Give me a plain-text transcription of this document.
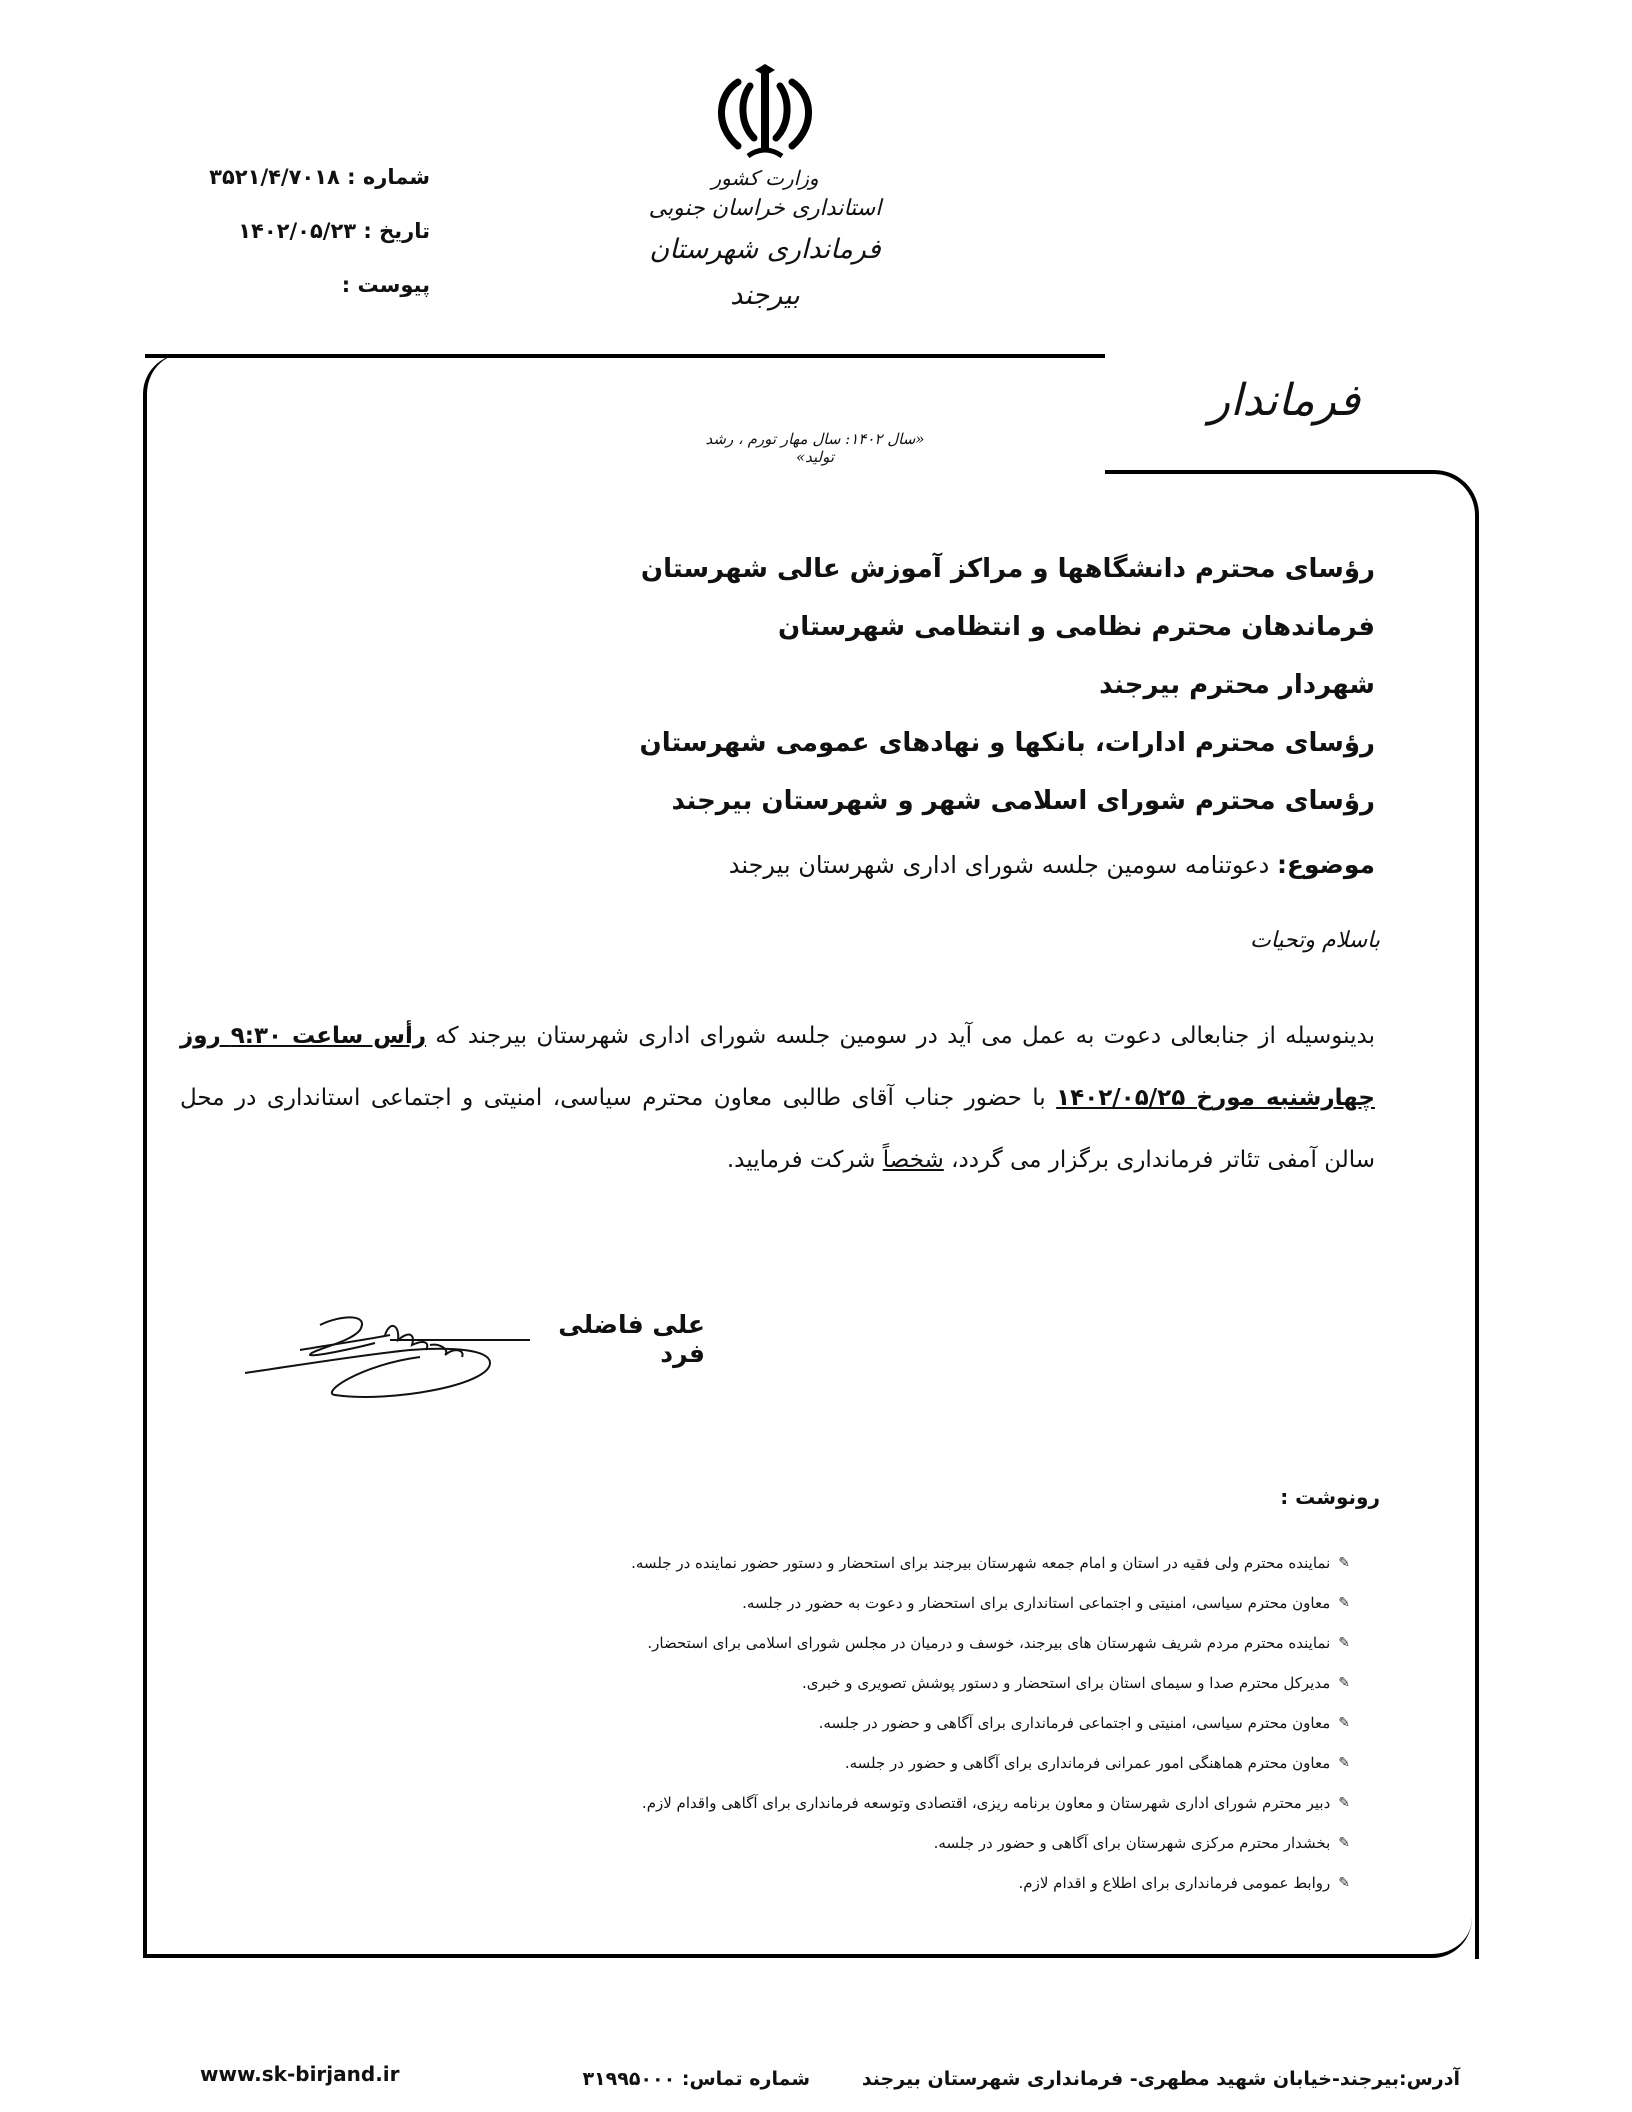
شماره : ۳۵۲۱/۴/۷۰۱۸
تاریخ : ۱۴۰۲/۰۵/۲۳
پیوست :
وزارت کشور
استانداری خراسان جنوبی
فرمانداری شهرستان بیرجند
فرماندار
«سال ۱۴۰۲: سال مهار تورم ، رشد تولید»
رؤسای محترم دانشگاهها و مراکز آموزش عالی شهرستان
فرماندهان محترم نظامی و انتظامی شهرستان
شهردار محترم بیرجند
رؤسای محترم ادارات، بانکها و نهادهای عمومی شهرستان
رؤسای محترم شورای اسلامی شهر و شهرستان بیرجند
موضوع: دعوتنامه سومین جلسه شورای اداری شهرستان بیرجند
باسلام وتحیات
بدینوسیله از جنابعالی دعوت به عمل می آید در سومین جلسه شورای اداری شهرستان بیرجند که رأس ساعت ۹:۳۰ روز چهارشنبه مورخ ۱۴۰۲/۰۵/۲۵ با حضور جناب آقای طالبی معاون محترم سیاسی، امنیتی و اجتماعی استانداری در محل سالن آمفی تئاتر فرمانداری برگزار می گردد، شخصاً شرکت فرمایید.
علی فاضلی فرد
رونوشت :
✎
نماینده محترم ولی فقیه در استان و امام جمعه شهرستان بیرجند برای استحضار و دستور حضور نماینده در جلسه.
✎
معاون محترم سیاسی، امنیتی و اجتماعی استانداری برای استحضار و دعوت به حضور در جلسه.
✎
نماینده محترم مردم شریف شهرستان های بیرجند، خوسف و درمیان در مجلس شورای اسلامی برای استحضار.
✎
مدیرکل محترم صدا و سیمای استان برای استحضار و دستور پوشش تصویری و خبری.
✎
معاون محترم سیاسی، امنیتی و اجتماعی فرمانداری برای آگاهی و حضور در جلسه.
✎
معاون محترم هماهنگی امور عمرانی فرمانداری برای آگاهی و حضور در جلسه.
✎
دبیر محترم شورای اداری شهرستان و معاون برنامه ریزی، اقتصادی وتوسعه فرمانداری برای آگاهی واقدام لازم.
✎
بخشدار محترم مرکزی شهرستان برای آگاهی و حضور در جلسه.
✎
روابط عمومی فرمانداری برای اطلاع و اقدام لازم.
آدرس:بیرجند-خیابان شهید مطهری- فرمانداری شهرستان بیرجند
شماره تماس: ۳۱۹۹۵۰۰۰
www.sk-birjand.ir
